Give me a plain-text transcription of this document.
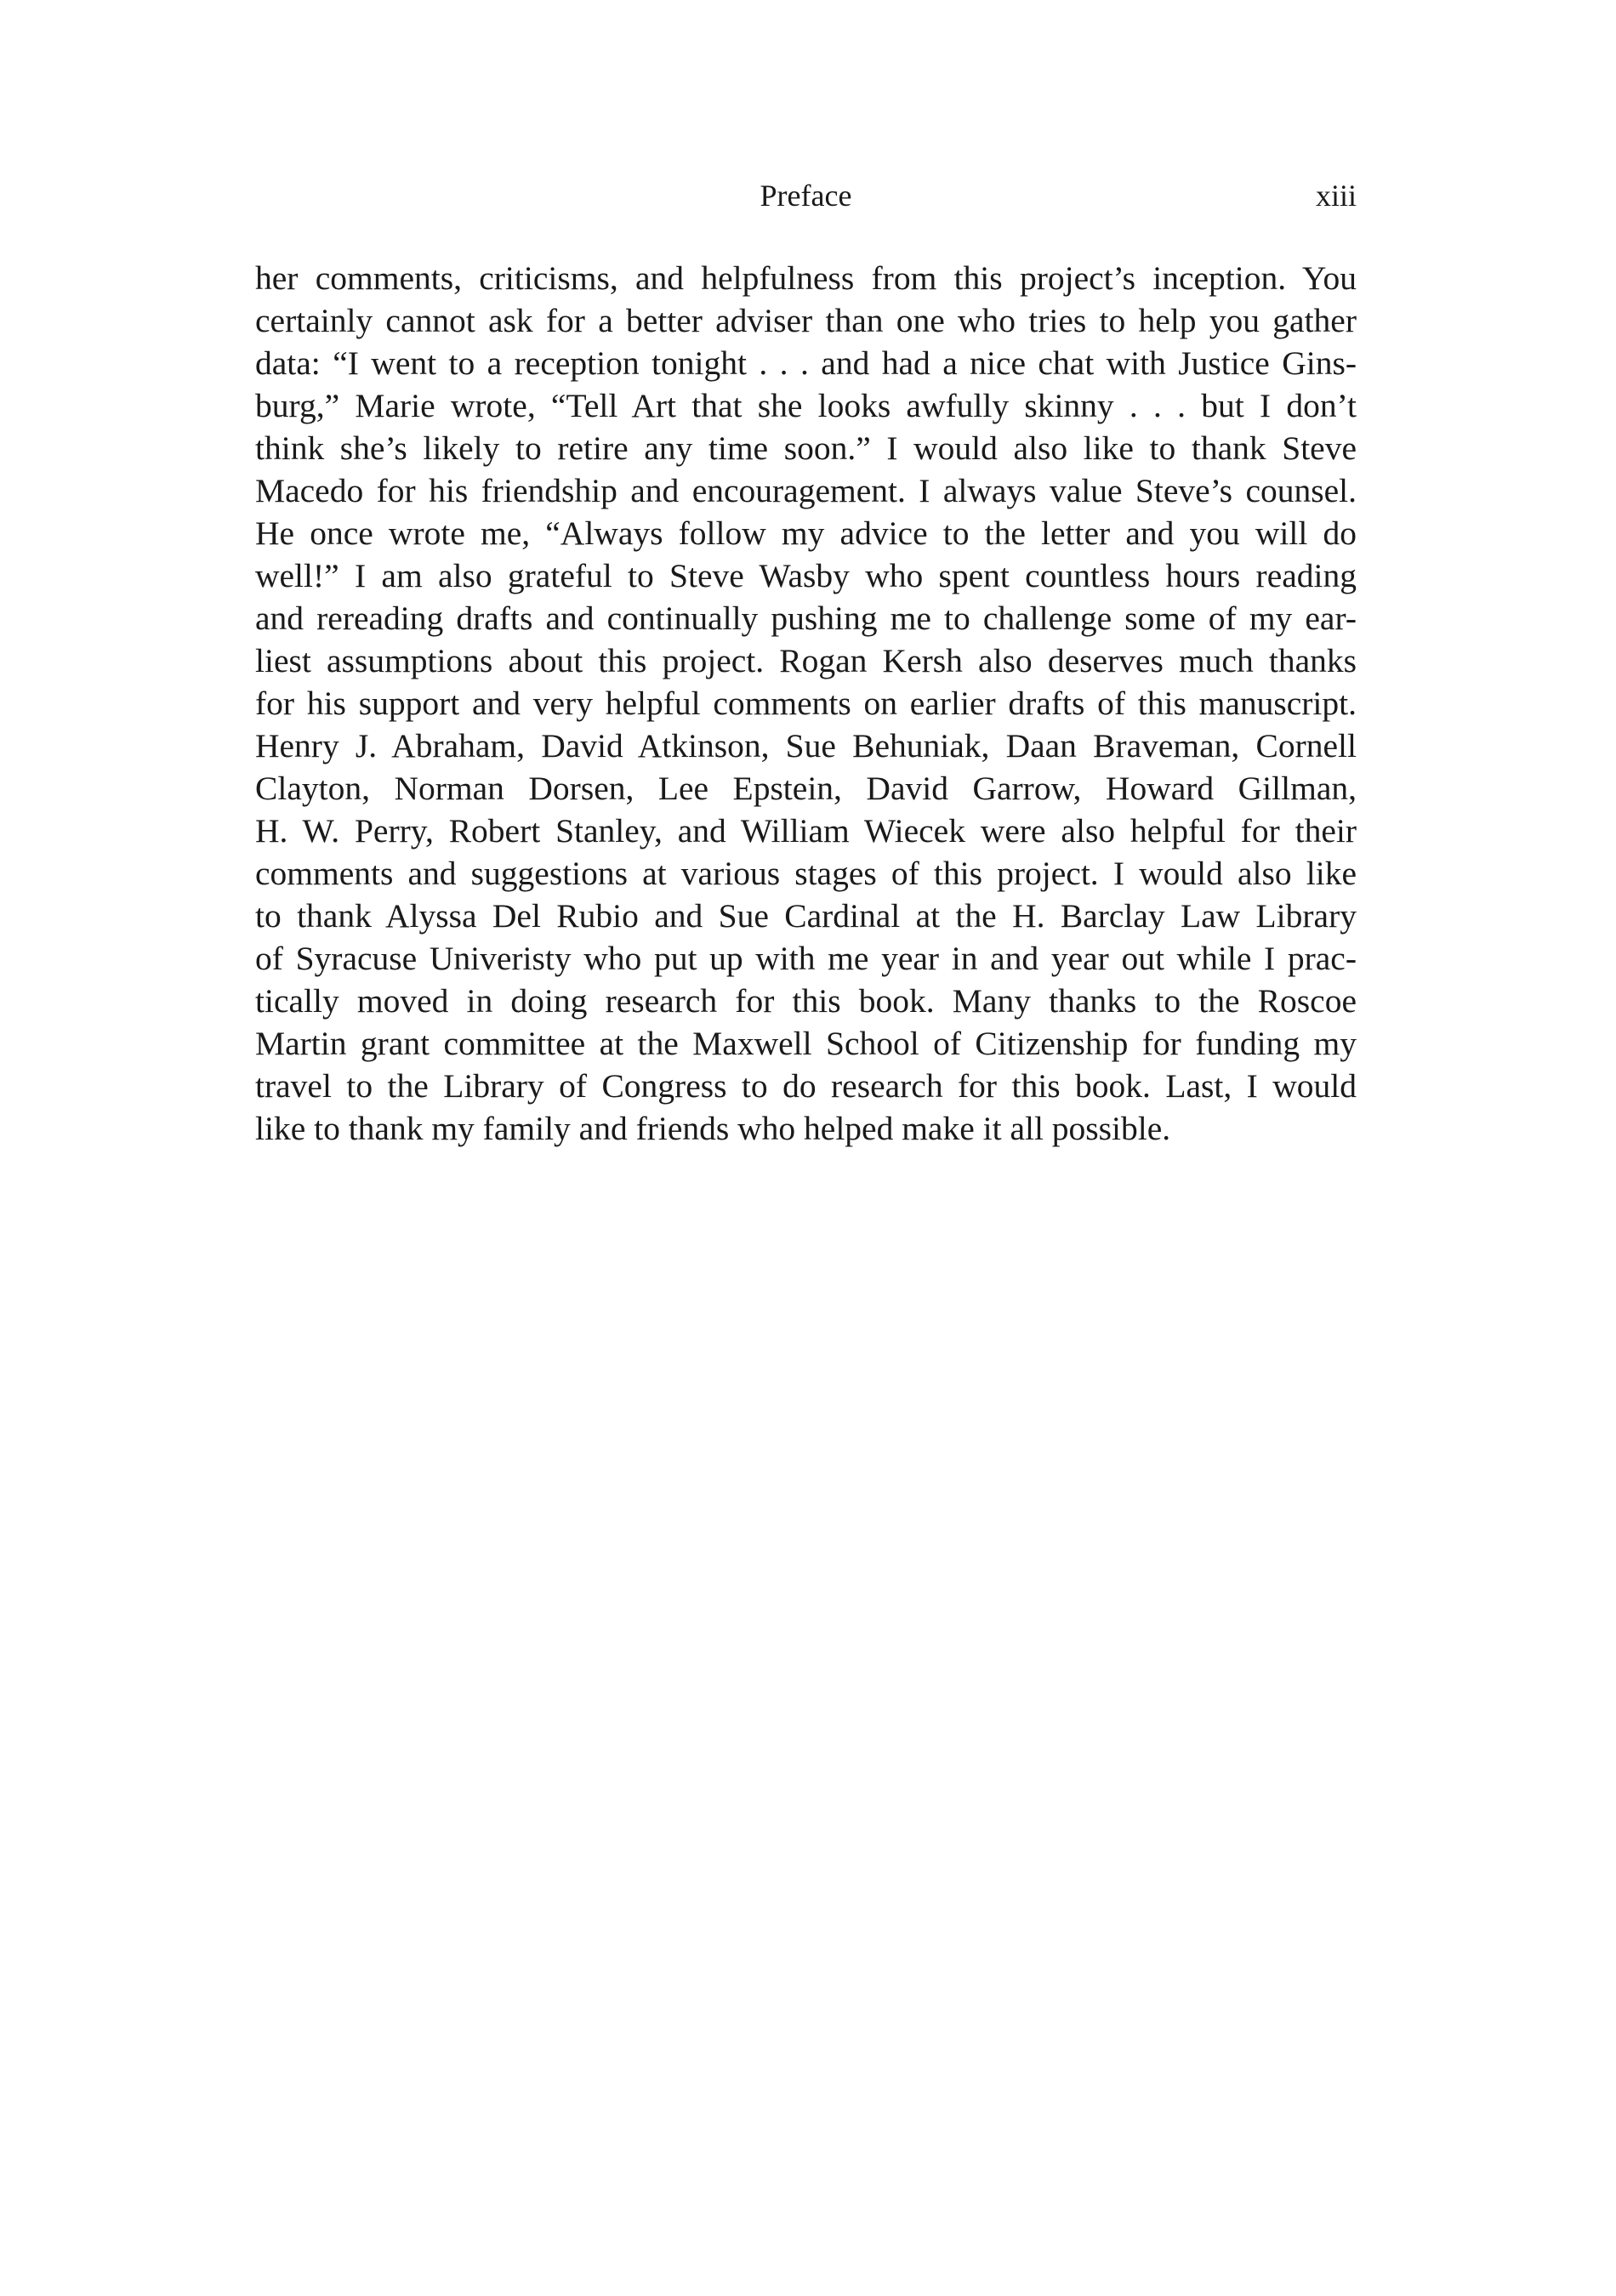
Preface	xiii
her comments, criticisms, and helpfulness from this project’s inception. You
certainly cannot ask for a better adviser than one who tries to help you gather
data: “I went to a reception tonight . . . and had a nice chat with Justice Gins-
burg,” Marie wrote, “Tell Art that she looks awfully skinny . . . but I don’t
think she’s likely to retire any time soon.” I would also like to thank Steve
Macedo for his friendship and encouragement. I always value Steve’s counsel.
He once wrote me, “Always follow my advice to the letter and you will do
well!” I am also grateful to Steve Wasby who spent countless hours reading
and rereading drafts and continually pushing me to challenge some of my ear-
liest assumptions about this project. Rogan Kersh also deserves much thanks
for his support and very helpful comments on earlier drafts of this manuscript.
Henry J. Abraham, David Atkinson, Sue Behuniak, Daan Braveman, Cornell
Clayton, Norman Dorsen, Lee Epstein, David Garrow, Howard Gillman,
H. W. Perry, Robert Stanley, and William Wiecek were also helpful for their
comments and suggestions at various stages of this project. I would also like
to thank Alyssa Del Rubio and Sue Cardinal at the H. Barclay Law Library
of Syracuse Univeristy who put up with me year in and year out while I prac-
tically moved in doing research for this book. Many thanks to the Roscoe
Martin grant committee at the Maxwell School of Citizenship for funding my
travel to the Library of Congress to do research for this book. Last, I would
like to thank my family and friends who helped make it all possible.
